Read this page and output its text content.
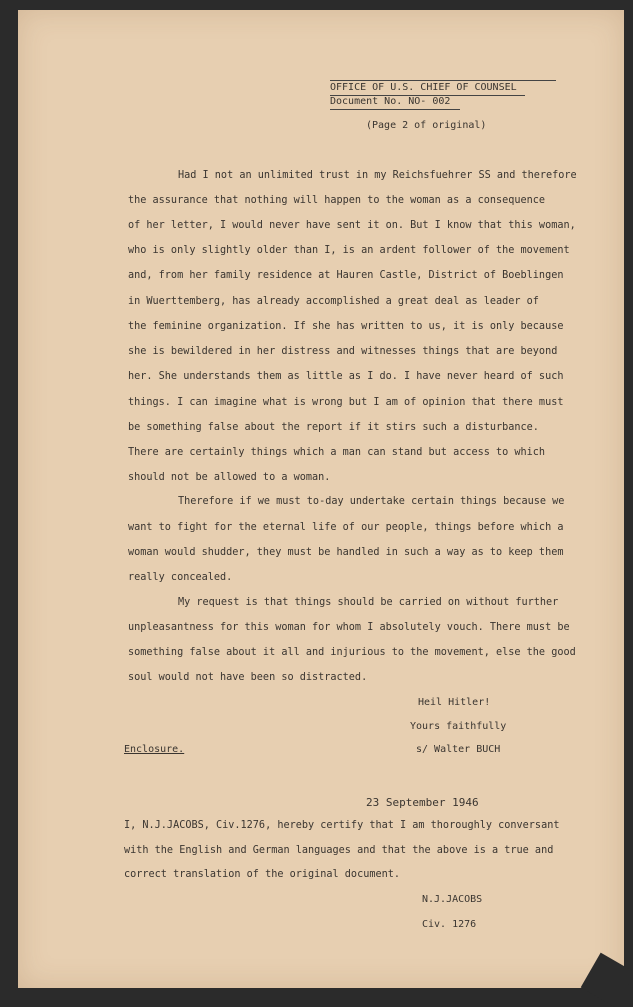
OFFICE OF U.S. CHIEF OF COUNSEL
Document No. NO- 002
(Page 2 of original)
Had I not an unlimited trust in my Reichsfuehrer SS and therefore
the assurance that nothing will happen to the woman as a consequence
of her letter, I would never have sent it on. But I know that this woman,
who is only slightly older than I, is an ardent follower of the movement
and, from her family residence at Hauren Castle, District of Boeblingen
in Wuerttemberg, has already accomplished a great deal as leader of
the feminine organization. If she has written to us, it is only because
she is bewildered in her distress and witnesses things that are beyond
her. She understands them as little as I do. I have never heard of such
things. I can imagine what is wrong but I am of opinion that there must
be something false about the report if it stirs such a disturbance.
There are certainly things which a man can stand but access to which
should not be allowed to a woman.
Therefore if we must to-day undertake certain things because we
want to fight for the eternal life of our people, things before which a
woman would shudder, they must be handled in such a way as to keep them
really concealed.
My request is that things should be carried on without further
unpleasantness for this woman for whom I absolutely vouch. There must be
something false about it all and injurious to the movement, else the good
soul would not have been so distracted.
Heil Hitler!
Yours faithfully
Enclosure.	s/ Walter BUCH
23 September 1946
I, N.J.JACOBS, Civ.1276, hereby certify that I am thoroughly conversant
with the English and German languages and that the above is a true and
correct translation of the original document.
N.J.JACOBS
Civ. 1276
